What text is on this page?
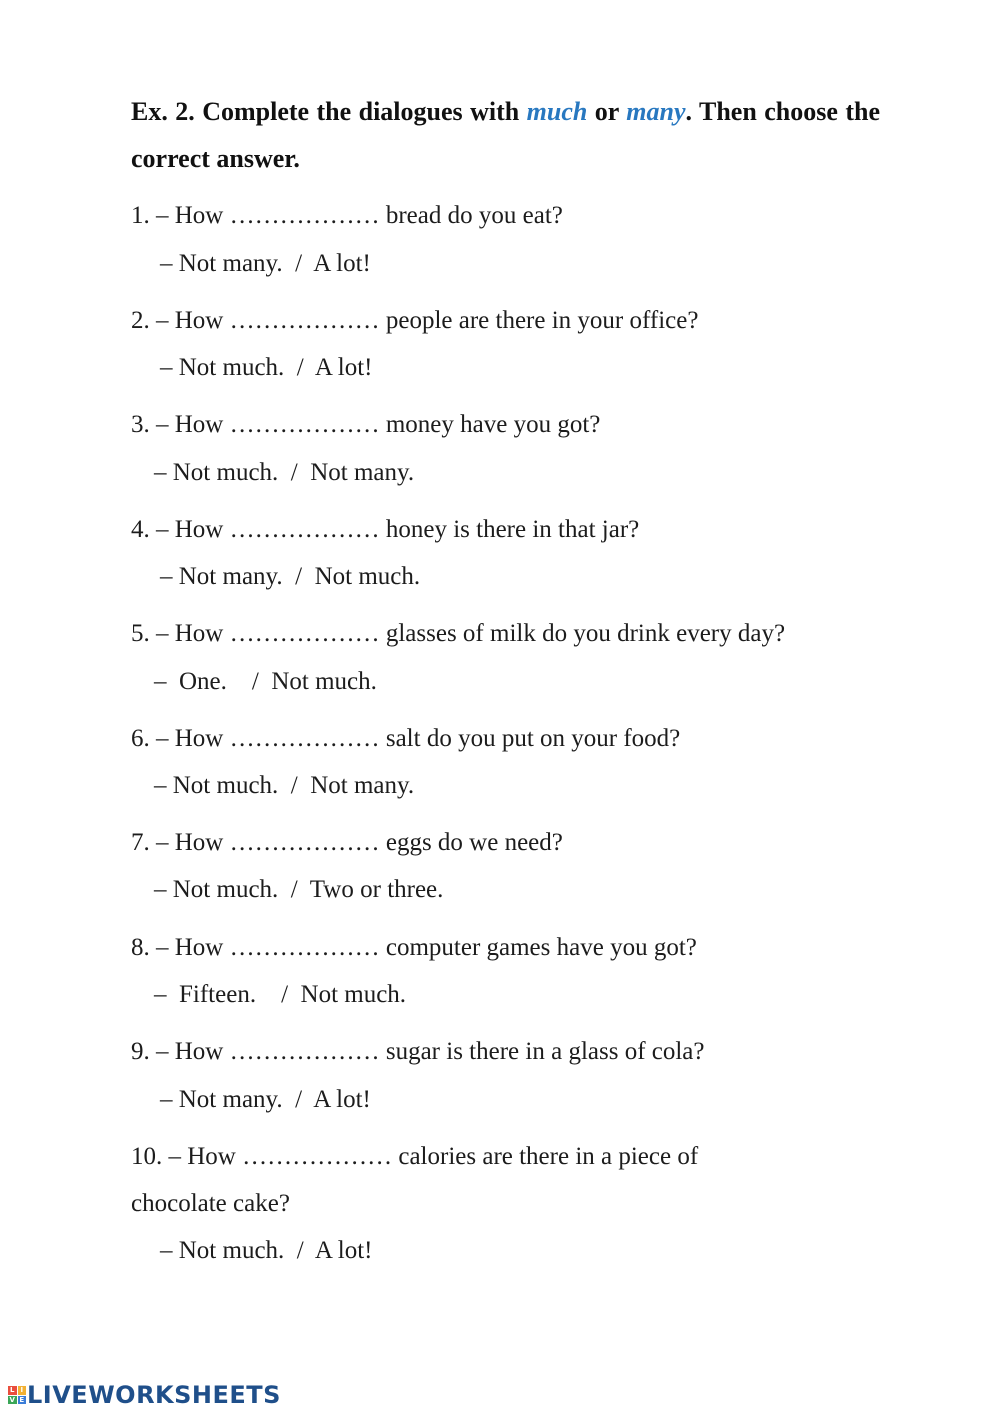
Ex. 2. Complete the dialogues with much or many. Then choose the correct answer.

1. – How ……………… bread do you eat?
– Not many.  /  A lot!
2. – How ……………… people are there in your office?
– Not much.  /  A lot!
3. – How ……………… money have you got?
– Not much.  /  Not many.
4. – How ……………… honey is there in that jar?
– Not many.  /  Not much.
5. – How ……………… glasses of milk do you drink every day?
–  One.    /  Not much.
6. – How ……………… salt do you put on your food?
– Not much.  /  Not many.
7. – How ……………… eggs do we need?
– Not much.  /  Two or three.
8. – How ……………… computer games have you got?
–  Fifteen.    /  Not much.
9. – How ……………… sugar is there in a glass of cola?
– Not many.  /  A lot!
10. – How ……………… calories are there in a piece of
chocolate cake?
– Not much.  /  A lot!
L I
V E LIVEWORKSHEETS
